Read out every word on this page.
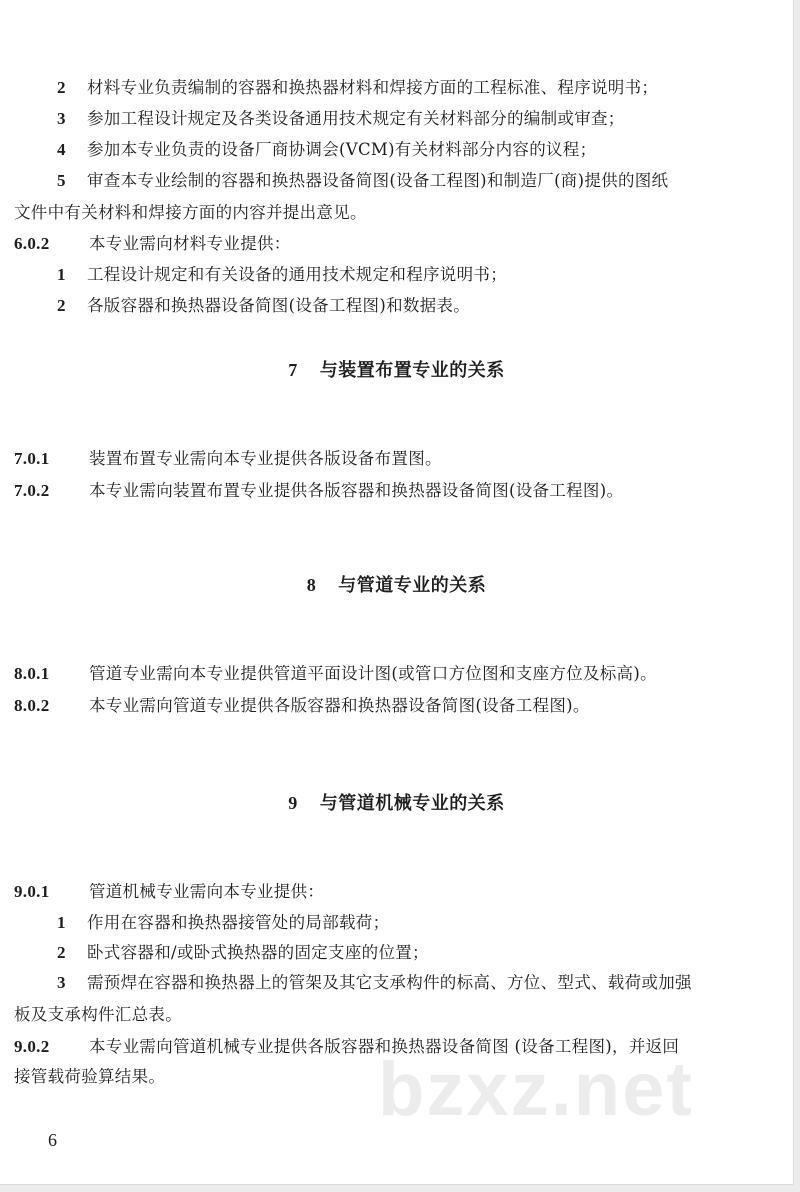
2 材料专业负责编制的容器和换热器材料和焊接方面的工程标准、程序说明书；
3 参加工程设计规定及各类设备通用技术规定有关材料部分的编制或审查；
4 参加本专业负责的设备厂商协调会(VCM)有关材料部分内容的议程；
5 审查本专业绘制的容器和换热器设备简图(设备工程图)和制造厂(商)提供的图纸
文件中有关材料和焊接方面的内容并提出意见。
6.0.2 本专业需向材料专业提供：
1 工程设计规定和有关设备的通用技术规定和程序说明书；
2 各版容器和换热器设备简图(设备工程图)和数据表。
7 与装置布置专业的关系
7.0.1 装置布置专业需向本专业提供各版设备布置图。
7.0.2 本专业需向装置布置专业提供各版容器和换热器设备简图(设备工程图)。
8 与管道专业的关系
8.0.1 管道专业需向本专业提供管道平面设计图(或管口方位图和支座方位及标高)。
8.0.2 本专业需向管道专业提供各版容器和换热器设备简图(设备工程图)。
9 与管道机械专业的关系
9.0.1 管道机械专业需向本专业提供：
1 作用在容器和换热器接管处的局部载荷；
2 卧式容器和/或卧式换热器的固定支座的位置；
3 需预焊在容器和换热器上的管架及其它支承构件的标高、方位、型式、载荷或加强
板及支承构件汇总表。
9.0.2 本专业需向管道机械专业提供各版容器和换热器设备简图 (设备工程图)，并返回
接管载荷验算结果。	bzxz.net
6
